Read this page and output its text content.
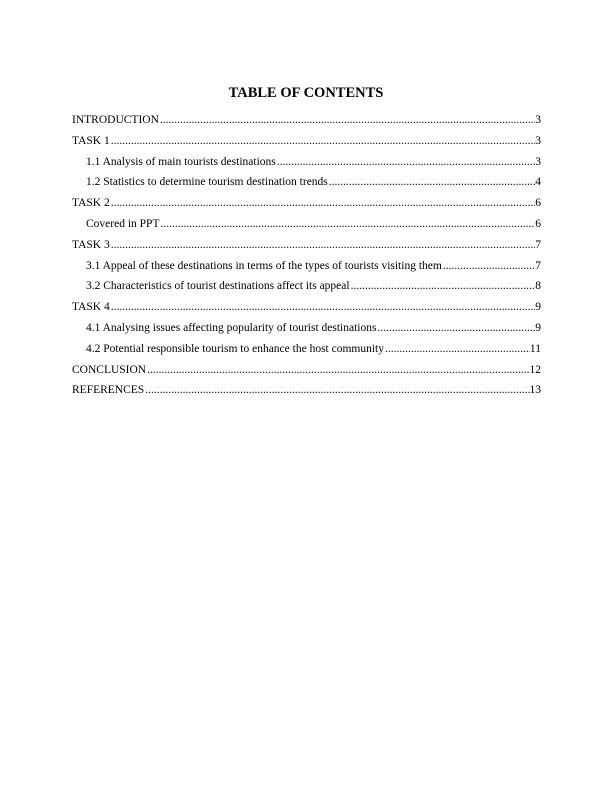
TABLE OF CONTENTS
INTRODUCTION .....	3
TASK 1 .....	3
1.1 Analysis of main tourists destinations .....	3
1.2 Statistics to determine tourism destination trends .....	4
TASK 2 .....	6
Covered in PPT .....	6
TASK 3 .....	7
3.1 Appeal of these destinations in terms of the types of tourists visiting them .....	7
3.2 Characteristics of tourist destinations affect its appeal .....	8
TASK 4 .....	9
4.1 Analysing issues affecting popularity of tourist destinations .....	9
4.2 Potential responsible tourism to enhance the host community .....	11
CONCLUSION .....	12
REFERENCES .....	13
